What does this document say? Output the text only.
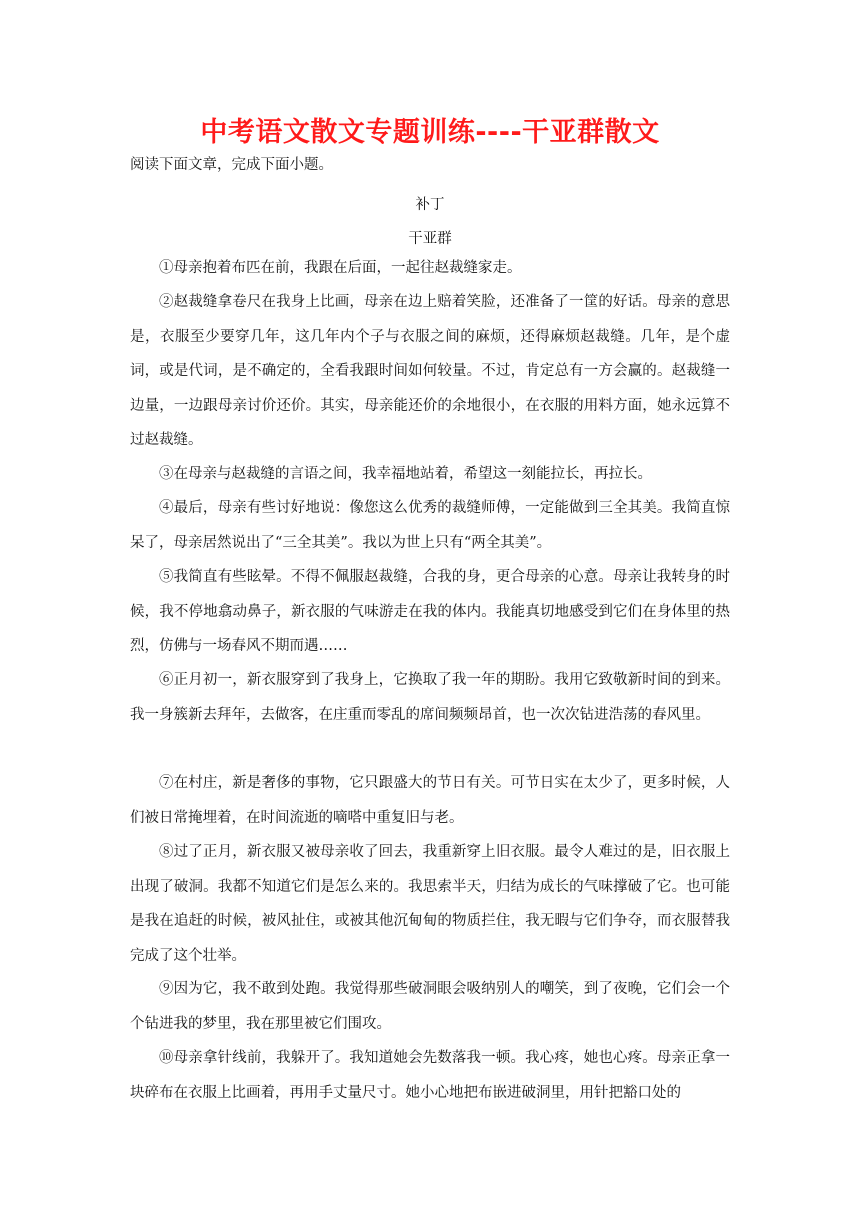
中考语文散文专题训练----干亚群散文
阅读下面文章，完成下面小题。
补丁
干亚群

①母亲抱着布匹在前，我跟在后面，一起往赵裁缝家走。

②赵裁缝拿卷尺在我身上比画，母亲在边上赔着笑脸，还准备了一筐的好话。母亲的意思是，衣服至少要穿几年，这几年内个子与衣服之间的麻烦，还得麻烦赵裁缝。几年，是个虚词，或是代词，是不确定的，全看我跟时间如何较量。不过，肯定总有一方会赢的。赵裁缝一边量，一边跟母亲讨价还价。其实，母亲能还价的余地很小，在衣服的用料方面，她永远算不过赵裁缝。

③在母亲与赵裁缝的言语之间，我幸福地站着，希望这一刻能拉长，再拉长。

④最后，母亲有些讨好地说：像您这么优秀的裁缝师傅，一定能做到三全其美。我简直惊呆了，母亲居然说出了“三全其美”。我以为世上只有“两全其美”。

⑤我简直有些眩晕。不得不佩服赵裁缝，合我的身，更合母亲的心意。母亲让我转身的时候，我不停地翕动鼻子，新衣服的气味游走在我的体内。我能真切地感受到它们在身体里的热烈，仿佛与一场春风不期而遇……

⑥正月初一，新衣服穿到了我身上，它换取了我一年的期盼。我用它致敬新时间的到来。我一身簇新去拜年，去做客，在庄重而零乱的席间频频昂首，也一次次钻进浩荡的春风里。

⑦在村庄，新是奢侈的事物，它只跟盛大的节日有关。可节日实在太少了，更多时候，人们被日常掩埋着，在时间流逝的嘀嗒中重复旧与老。

⑧过了正月，新衣服又被母亲收了回去，我重新穿上旧衣服。最令人难过的是，旧衣服上出现了破洞。我都不知道它们是怎么来的。我思索半天，归结为成长的气味撑破了它。也可能是我在追赶的时候，被风扯住，或被其他沉甸甸的物质拦住，我无暇与它们争夺，而衣服替我完成了这个壮举。

⑨因为它，我不敢到处跑。我觉得那些破洞眼会吸纳别人的嘲笑，到了夜晚，它们会一个个钻进我的梦里，我在那里被它们围攻。

⑩母亲拿针线前，我躲开了。我知道她会先数落我一顿。我心疼，她也心疼。母亲正拿一块碎布在衣服上比画着，再用手丈量尺寸。她小心地把布嵌进破洞里，用针把豁口处的
